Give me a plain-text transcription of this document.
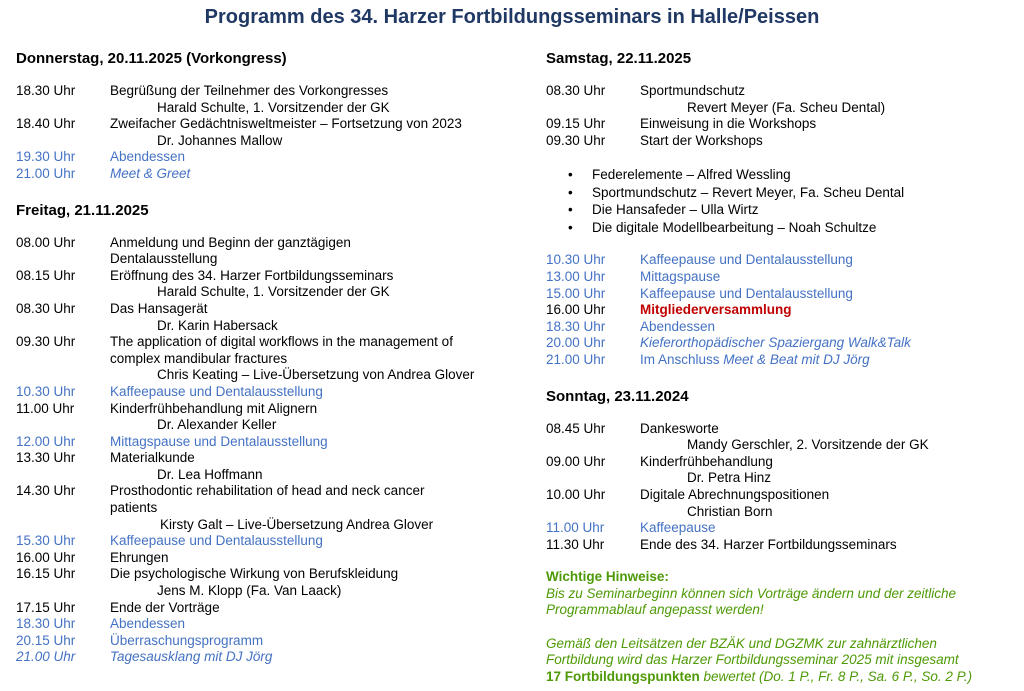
Programm des 34. Harzer Fortbildungsseminars in Halle/Peissen
Donnerstag, 20.11.2025 (Vorkongress)
18.30 Uhr	Begrüßung der Teilnehmer des Vorkongresses
Harald Schulte, 1. Vorsitzender der GK
18.40 Uhr	Zweifacher Gedächtnisweltmeister – Fortsetzung von 2023
Dr. Johannes Mallow
19.30 Uhr	Abendessen
21.00 Uhr	Meet & Greet
Freitag, 21.11.2025
08.00 Uhr	Anmeldung und Beginn der ganztägigen
Dentalausstellung
08.15 Uhr	Eröffnung des 34. Harzer Fortbildungsseminars
Harald Schulte, 1. Vorsitzender der GK
08.30 Uhr	Das Hansagerät
Dr. Karin Habersack
09.30 Uhr	The application of digital workflows in the management of
complex mandibular fractures
Chris Keating – Live-Übersetzung von Andrea Glover
10.30 Uhr	Kaffeepause und Dentalausstellung
11.00 Uhr	Kinderfrühbehandlung mit Alignern
Dr. Alexander Keller
12.00 Uhr	Mittagspause und Dentalausstellung
13.30 Uhr	Materialkunde
Dr. Lea Hoffmann
14.30 Uhr	Prosthodontic rehabilitation of head and neck cancer
patients
Kirsty Galt – Live-Übersetzung Andrea Glover
15.30 Uhr	Kaffeepause und Dentalausstellung
16.00 Uhr	Ehrungen
16.15 Uhr	Die psychologische Wirkung von Berufskleidung
Jens M. Klopp (Fa. Van Laack)
17.15 Uhr	Ende der Vorträge
18.30 Uhr	Abendessen
20.15 Uhr	Überraschungsprogramm
21.00 Uhr	Tagesausklang mit DJ Jörg
Samstag, 22.11.2025
08.30 Uhr	Sportmundschutz
Revert Meyer (Fa. Scheu Dental)
09.15 Uhr	Einweisung in die Workshops
09.30 Uhr	Start der Workshops
• Federelemente – Alfred Wessling
• Sportmundschutz – Revert Meyer, Fa. Scheu Dental
• Die Hansafeder – Ulla Wirtz
• Die digitale Modellbearbeitung – Noah Schultze
10.30 Uhr	Kaffeepause und Dentalausstellung
13.00 Uhr	Mittagspause
15.00 Uhr	Kaffeepause und Dentalausstellung
16.00 Uhr	Mitgliederversammlung
18.30 Uhr	Abendessen
20.00 Uhr	Kieferorthopädischer Spaziergang Walk&Talk
21.00 Uhr	Im Anschluss Meet & Beat mit DJ Jörg
Sonntag, 23.11.2024
08.45 Uhr	Dankesworte
Mandy Gerschler, 2. Vorsitzende der GK
09.00 Uhr	Kinderfrühbehandlung
Dr. Petra Hinz
10.00 Uhr	Digitale Abrechnungspositionen
Christian Born
11.00 Uhr	Kaffeepause
11.30 Uhr	Ende des 34. Harzer Fortbildungsseminars
Wichtige Hinweise:
Bis zu Seminarbeginn können sich Vorträge ändern und der zeitliche
Programmablauf angepasst werden!
Gemäß den Leitsätzen der BZÄK und DGZMK zur zahnärztlichen
Fortbildung wird das Harzer Fortbildungsseminar 2025 mit insgesamt
17 Fortbildungspunkten bewertet (Do. 1 P., Fr. 8 P., Sa. 6 P., So. 2 P.)
